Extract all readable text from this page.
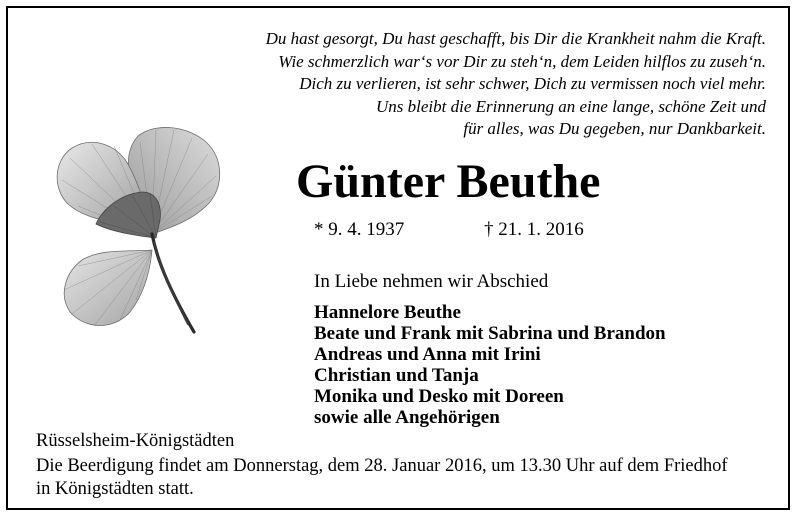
Du hast gesorgt, Du hast geschafft, bis Dir die Krankheit nahm die Kraft.
Wie schmerzlich war‘s vor Dir zu steh‘n, dem Leiden hilflos zu zuseh‘n.
Dich zu verlieren, ist sehr schwer, Dich zu vermissen noch viel mehr.
Uns bleibt die Erinnerung an eine lange, schöne Zeit und
für alles, was Du gegeben, nur Dankbarkeit.
Günter Beuthe
* 9. 4. 1937	† 21. 1. 2016
In Liebe nehmen wir Abschied
Hannelore Beuthe
Beate und Frank mit Sabrina und Brandon
Andreas und Anna mit Irini
Christian und Tanja
Monika und Desko mit Doreen
sowie alle Angehörigen
Rüsselsheim-Königstädten
Die Beerdigung findet am Donnerstag, dem 28. Januar 2016, um 13.30 Uhr auf dem Friedhof
in Königstädten statt.
